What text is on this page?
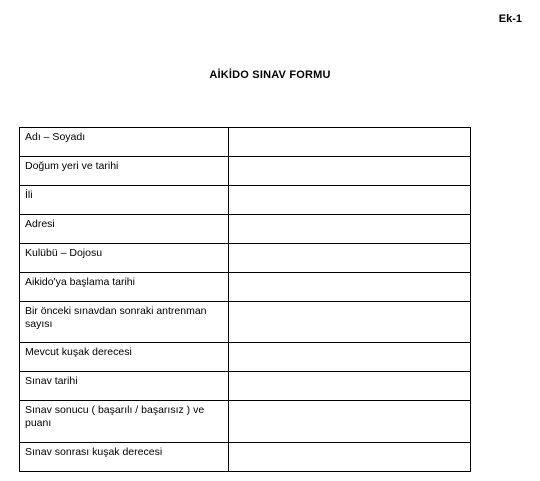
Ek-1
AİKİDO SINAV FORMU
Adı – Soyadı	
Doğum yeri ve tarihi	
İli	
Adresi	
Kulübü – Dojosu	
Aikido'ya başlama tarihi	
Bir önceki sınavdan sonraki antrenman sayısı	
Mevcut kuşak derecesi	
Sınav tarihi	
Sınav sonucu ( başarılı / başarısız ) ve puanı	
Sınav sonrası kuşak derecesi	
